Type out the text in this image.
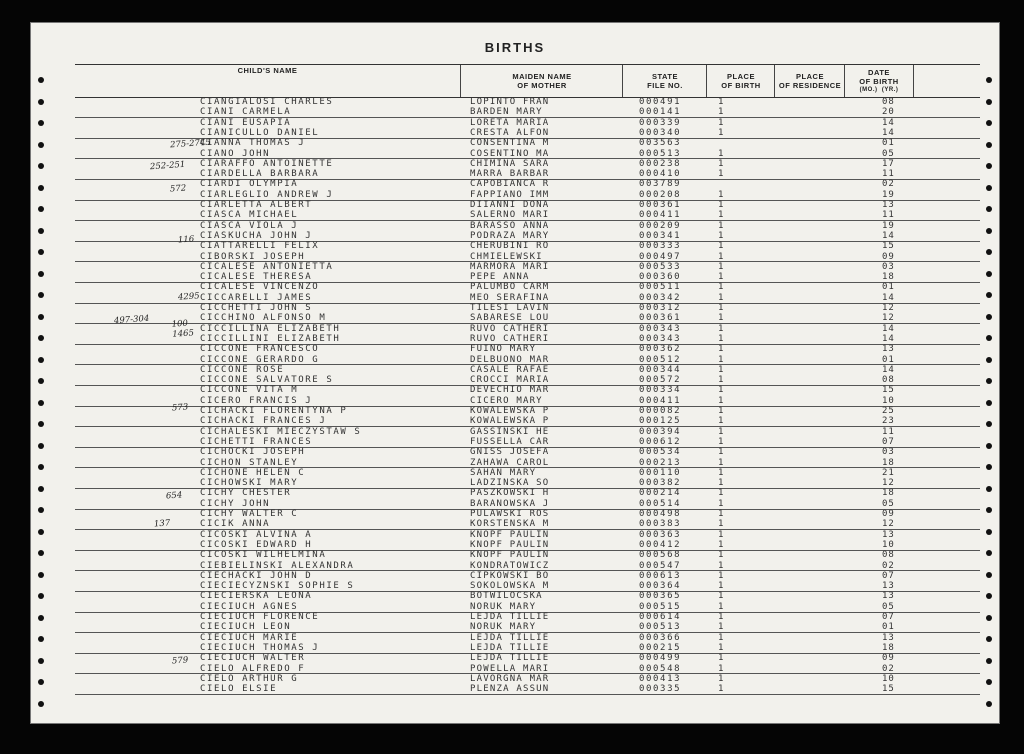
BIRTHS
CHILD'S NAME
MAIDEN NAME
OF MOTHER
STATE
FILE NO.
PLACE
OF BIRTH
PLACE
OF RESIDENCE
DATE
OF BIRTH
(MO.) (YR.)
CIANGIALOSI CHARLES	LOPINTO FRAN	000491	1	08
CIANI CARMELA	BARDEN MARY	000141	1	20
CIANI EUSAPIA	LORETA MARIA	000339	1	14
CIANICULLO DANIEL	CRESTA ALFON	000340	1	14
CIANNA THOMAS J	CONSENTINA M	003563	01
CIANO JOHN	COSENTINO MA	000513	1	05
CIARAFFO ANTOINETTE	CHIMINA SARA	000238	1	17
CIARDELLA BARBARA	MARRA BARBAR	000410	1	11
CIARDI OLYMPIA	CAPOBIANCA R	003789	02
CIARLEGLIO ANDREW J	FAPPIANO IMM	000208	1	19
CIARLETTA ALBERT	DIIANNI DONA	000361	1	13
CIASCA MICHAEL	SALERNO MARI	000411	1	11
CIASCA VIOLA J	BARASSO ANNA	000209	1	19
CIASKUCHA JOHN J	PODRAZA MARY	000341	1	14
CIATTARELLI FELIX	CHERUBINI RO	000333	1	15
CIBORSKI JOSEPH	CHMIELEWSKI	000497	1	09
CICALESE ANTONIETTA	MARMORA MARI	000533	1	03
CICALESE THERESA	PEPE ANNA	000360	1	18
CICALESE VINCENZO	PALUMBO CARM	000511	1	01
CICCARELLI JAMES	MEO SERAFINA	000342	1	14
CICCHETTI JOHN S	TILESI LAVIN	000312	1	12
CICCHINO ALFONSO M	SABARESE LOU	000361	1	12
CICCILLINA ELIZABETH	RUVO CATHERI	000343	1	14
CICCILLINI ELIZABETH	RUVO CATHERI	000343	1	14
CICCONE FRANCESCO	FUINO MARY	000362	1	13
CICCONE GERARDO G	DELBUONO MAR	000512	1	01
CICCONE ROSE	CASALE RAFAE	000344	1	14
CICCONE SALVATORE S	CROCCI MARIA	000572	1	08
CICCONE VITA M	DEVECHIO MAR	000334	1	15
CICERO FRANCIS J	CICERO MARY	000411	1	10
CICHACKI FLORENTYNA P	KOWALEWSKA P	000082	1	25
CICHACKI FRANCES J	KOWALEWSKA P	000125	1	23
CICHALESKI MIECZYSTAW S	GASSINSKI HE	000394	1	11
CICHETTI FRANCES	FUSSELLA CAR	000612	1	07
CICHOCKI JOSEPH	GNISS JOSEFA	000534	1	03
CICHON STANLEY	ZAHAWA CAROL	000213	1	18
CICHONE HELEN C	SAHAN MARY	000110	1	21
CICHOWSKI MARY	LADZINSKA SO	000382	1	12
CICHY CHESTER	PASZKOWSKI H	000214	1	18
CICHY JOHN	BARANOWSKA J	000514	1	05
CICHY WALTER C	PULAWSKI ROS	000498	1	09
CICIK ANNA	KORSTENSKA M	000383	1	12
CICOSKI ALVINA A	KNOPF PAULIN	000363	1	13
CICOSKI EDWARD H	KNOPF PAULIN	000412	1	10
CICOSKI WILHELMINA	KNOPF PAULIN	000568	1	08
CIEBIELINSKI ALEXANDRA	KONDRATOWICZ	000547	1	02
CIECHACKI JOHN D	CIPKOWSKI BO	000613	1	07
CIECIECYZNSKI SOPHIE S	SOKOLOWSKA M	000364	1	13
CIECIERSKA LEONA	BOTWILOCSKA	000365	1	13
CIECIUCH AGNES	NORUK MARY	000515	1	05
CIECIUCH FLORENCE	LEJDA TILLIE	000614	1	07
CIECIUCH LEON	NORUK MARY	000513	1	01
CIECIUCH MARIE	LEJDA TILLIE	000366	1	13
CIECIUCH THOMAS J	LEJDA TILLIE	000215	1	18
CIECIUCH WALTER	LEJDA TILLIE	000499	1	09
CIELO ALFREDO F	POWELLA MARI	000548	1	02
CIELO ARTHUR G	LAVORGNA MAR	000413	1	10
CIELO ELSIE	PLENZA ASSUN	000335	1	15
275-2745
252-251
572
116
4295
497-304	100
1465
573
654
137
579
